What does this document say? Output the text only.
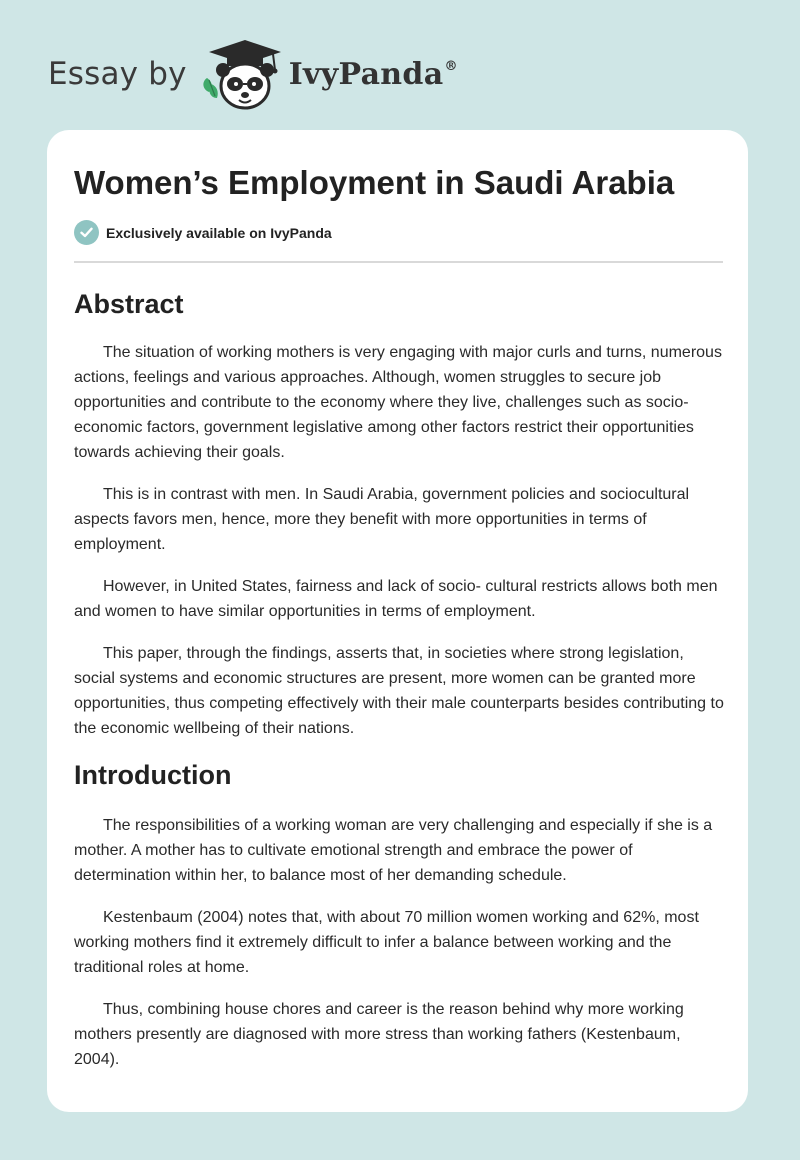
Essay by	IvyPanda®
Women’s Employment in Saudi Arabia
Exclusively available on IvyPanda
Abstract

The situation of working mothers is very engaging with major curls and turns, numerous actions, feelings and various approaches. Although, women struggles to secure job opportunities and contribute to the economy where they live, challenges such as socio- economic factors, government legislative among other factors restrict their opportunities towards achieving their goals.

This is in contrast with men. In Saudi Arabia, government policies and sociocultural aspects favors men, hence, more they benefit with more opportunities in terms of employment.

However, in United States, fairness and lack of socio- cultural restricts allows both men and women to have similar opportunities in terms of employment.

This paper, through the findings, asserts that, in societies where strong legislation, social systems and economic structures are present, more women can be granted more opportunities, thus competing effectively with their male counterparts besides contributing to the economic wellbeing of their nations.

Introduction

The responsibilities of a working woman are very challenging and especially if she is a mother. A mother has to cultivate emotional strength and embrace the power of determination within her, to balance most of her demanding schedule.

Kestenbaum (2004) notes that, with about 70 million women working and 62%, most working mothers find it extremely difficult to infer a balance between working and the traditional roles at home.

Thus, combining house chores and career is the reason behind why more working mothers presently are diagnosed with more stress than working fathers (Kestenbaum, 2004).
